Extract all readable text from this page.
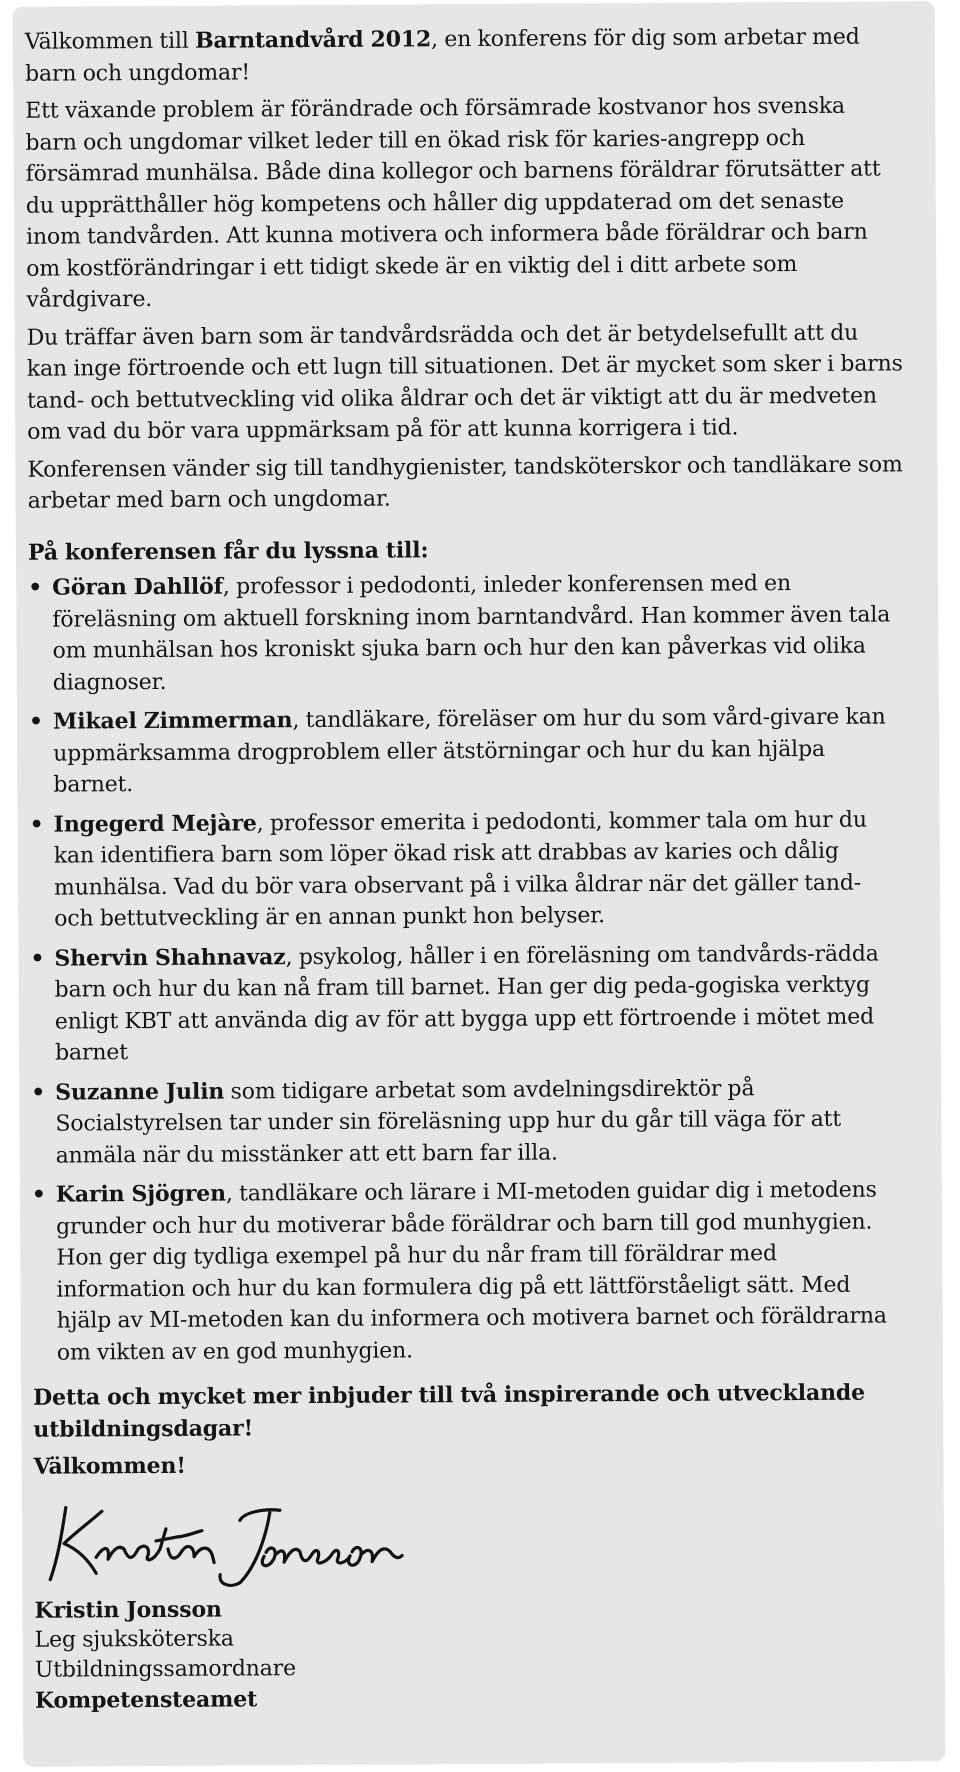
Välkommen till Barntandvård 2012, en konferens för dig som arbetar med barn och ungdomar!

Ett växande problem är förändrade och försämrade kostvanor hos svenska barn och ungdomar vilket leder till en ökad risk för karies-angrepp och försämrad munhälsa. Både dina kollegor och barnens föräldrar förutsätter att du upprätthåller hög kompetens och håller dig uppdaterad om det senaste inom tandvården. Att kunna motivera och informera både föräldrar och barn om kostförändringar i ett tidigt skede är en viktig del i ditt arbete som vårdgivare.

Du träffar även barn som är tandvårdsrädda och det är betydelsefullt att du kan inge förtroende och ett lugn till situationen. Det är mycket som sker i barns tand- och bettutveckling vid olika åldrar och det är viktigt att du är medveten om vad du bör vara uppmärksam på för att kunna korrigera i tid.

Konferensen vänder sig till tandhygienister, tandsköterskor och tandläkare som arbetar med barn och ungdomar.

På konferensen får du lyssna till:
• Göran Dahllöf, professor i pedodonti, inleder konferensen med en föreläsning om aktuell forskning inom barntandvård. Han kommer även tala om munhälsan hos kroniskt sjuka barn och hur den kan påverkas vid olika diagnoser.
• Mikael Zimmerman, tandläkare, föreläser om hur du som vård-givare kan uppmärksamma drogproblem eller ätstörningar och hur du kan hjälpa barnet.
• Ingegerd Mejàre, professor emerita i pedodonti, kommer tala om hur du kan identifiera barn som löper ökad risk att drabbas av karies och dålig munhälsa. Vad du bör vara observant på i vilka åldrar när det gäller tand- och bettutveckling är en annan punkt hon belyser.
• Shervin Shahnavaz, psykolog, håller i en föreläsning om tandvårds-rädda barn och hur du kan nå fram till barnet. Han ger dig peda-gogiska verktyg enligt KBT att använda dig av för att bygga upp ett förtroende i mötet med barnet
• Suzanne Julin som tidigare arbetat som avdelningsdirektör på Socialstyrelsen tar under sin föreläsning upp hur du går till väga för att anmäla när du misstänker att ett barn far illa.
• Karin Sjögren, tandläkare och lärare i MI-metoden guidar dig i metodens grunder och hur du motiverar både föräldrar och barn till god munhygien. Hon ger dig tydliga exempel på hur du når fram till föräldrar med information och hur du kan formulera dig på ett lättförståeligt sätt. Med hjälp av MI-metoden kan du informera och motivera barnet och föräldrarna om vikten av en god munhygien.

Detta och mycket mer inbjuder till två inspirerande och utvecklande utbildningsdagar!

Välkommen!

Kristin Jonsson
Leg sjuksköterska
Utbildningssamordnare
Kompetensteamet
